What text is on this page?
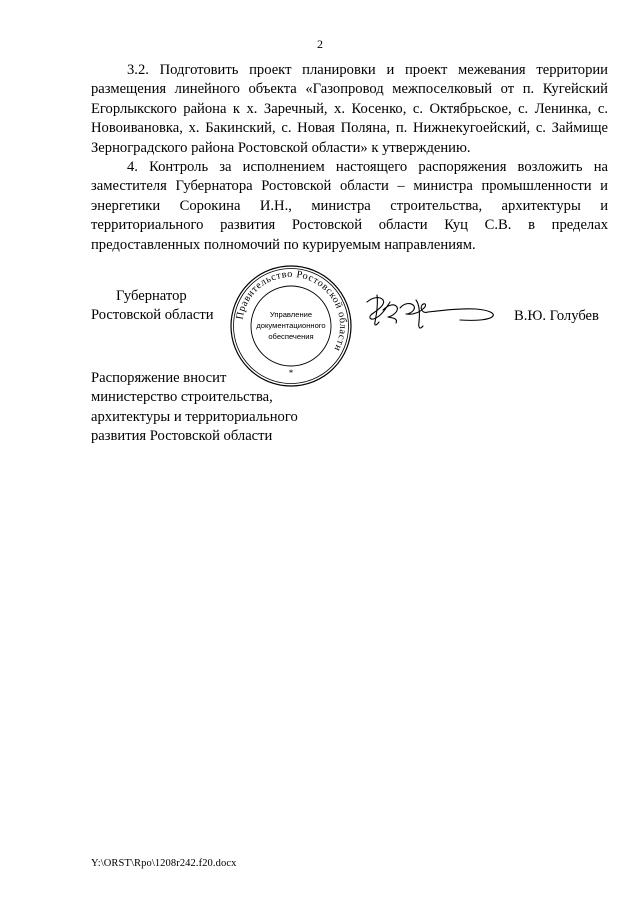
2

3.2. Подготовить проект планировки и проект межевания территории размещения линейного объекта «Газопровод межпоселковый от п. Кугейский Егорлыкского района к х. Заречный, х. Косенко, с. Октябрьское, с. Ленинка, с. Новоивановка, х. Бакинский, с. Новая Поляна, п. Нижнекугоейский, с. Займище Зерноградского района Ростовской области» к утверждению.

4. Контроль за исполнением настоящего распоряжения возложить на заместителя Губернатора Ростовской области – министра промышленности и энергетики Сорокина И.Н., министра строительства, архитектуры и территориального развития Ростовской области Куц С.В. в пределах предоставленных полномочий по курируемым направлениям.

Губернатор
Ростовской области Правительство Ростовской области
*
Управление
документационного
обеспечения
В.Ю. Голубев
Распоряжение вносит
министерство строительства,
архитектуры и территориального
развития Ростовской области
Y:\ORST\Rpo\1208r242.f20.docx
